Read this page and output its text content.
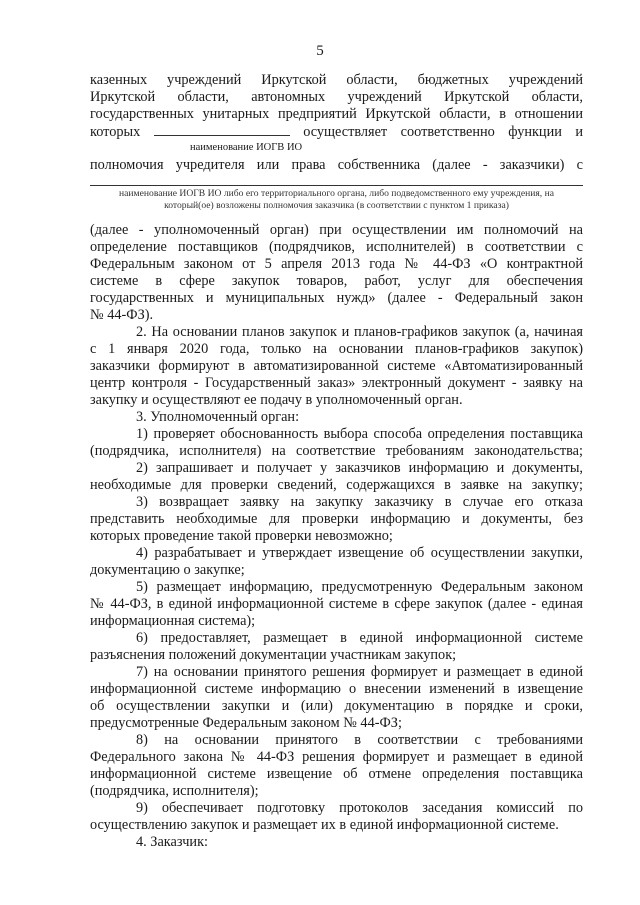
5
казенных учреждений Иркутской области, бюджетных учреждений
Иркутской области, автономных учреждений Иркутской области,
государственных унитарных предприятий Иркутской области, в отношении
которых	осуществляет соответственно функции и
наименование ИОГВ ИО
полномочия учредителя или права собственника (далее - заказчики) с
наименование ИОГВ ИО либо его территориального органа, либо подведомственного ему учреждения, на
который(ое) возложены полномочия заказчика (в соответствии с пунктом 1 приказа)
(далее - уполномоченный орган) при осуществлении им полномочий на
определение поставщиков (подрядчиков, исполнителей) в соответствии с
Федеральным законом от 5 апреля 2013 года № 44-ФЗ «О контрактной
системе в сфере закупок товаров, работ, услуг для обеспечения
государственных и муниципальных нужд» (далее - Федеральный закон
№ 44-ФЗ).
2. На основании планов закупок и планов-графиков закупок (а, начиная
с 1 января 2020 года, только на основании планов-графиков закупок)
заказчики формируют в автоматизированной системе «Автоматизированный
центр контроля - Государственный заказ» электронный документ - заявку на
закупку и осуществляют ее подачу в уполномоченный орган.
3. Уполномоченный орган:
1) проверяет обоснованность выбора способа определения поставщика
(подрядчика, исполнителя) на соответствие требованиям законодательства;
2) запрашивает и получает у заказчиков информацию и документы,
необходимые для проверки сведений, содержащихся в заявке на закупку;
3) возвращает заявку на закупку заказчику в случае его отказа
представить необходимые для проверки информацию и документы, без
которых проведение такой проверки невозможно;
4) разрабатывает и утверждает извещение об осуществлении закупки,
документацию о закупке;
5) размещает информацию, предусмотренную Федеральным законом
№ 44-ФЗ, в единой информационной системе в сфере закупок (далее - единая
информационная система);
6) предоставляет, размещает в единой информационной системе
разъяснения положений документации участникам закупок;
7) на основании принятого решения формирует и размещает в единой
информационной системе информацию о внесении изменений в извещение
об осуществлении закупки и (или) документацию в порядке и сроки,
предусмотренные Федеральным законом № 44-ФЗ;
8) на основании принятого в соответствии с требованиями
Федерального закона № 44-ФЗ решения формирует и размещает в единой
информационной системе извещение об отмене определения поставщика
(подрядчика, исполнителя);
9) обеспечивает подготовку протоколов заседания комиссий по
осуществлению закупок и размещает их в единой информационной системе.
4. Заказчик:
